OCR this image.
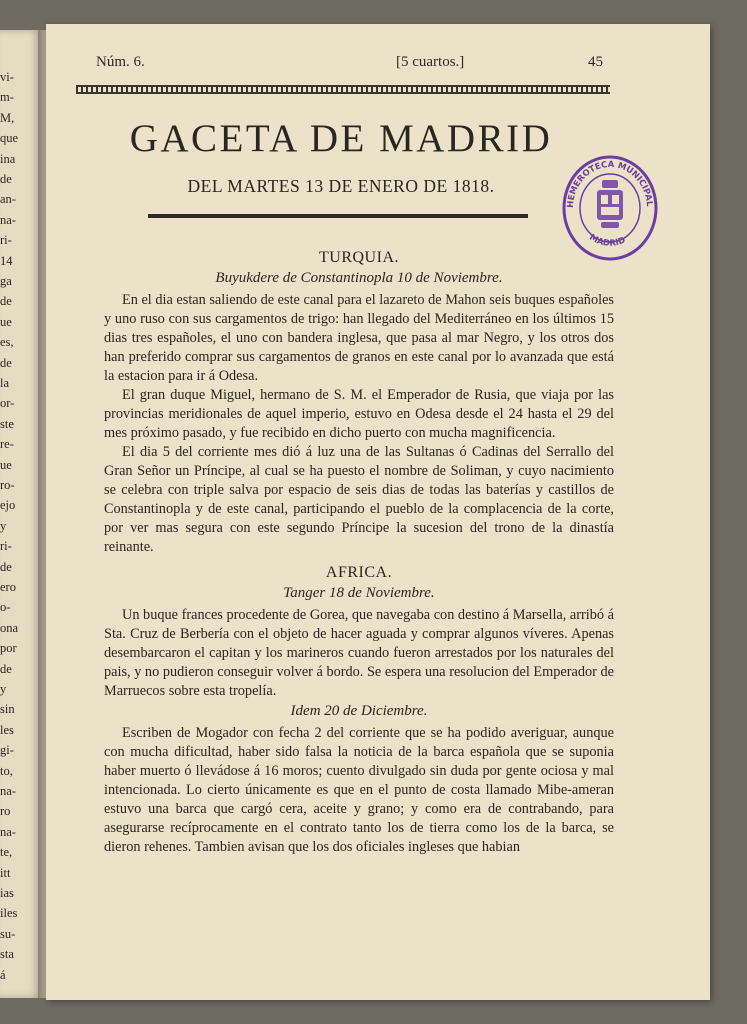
vi-
m-
M,
que
ina
de
an-
na-
ri-
14
ga
de
ue
es,
de
la
or-
ste
re-
ue
ro-
ejo
y
ri-
de
ero
o-
ona
por
de
y
sin
les
gi-
to,
na-
ro
na-
te,
itt
ias
iles
su-
sta
á
Núm. 6.	[5 cuartos.]	45
GACETA DE MADRID
DEL MARTES 13 DE ENERO DE 1818.
HEMEROTECA MUNICIPAL
MADRID
TURQUIA.
Buyukdere de Constantinopla 10 de Noviembre.

En el dia estan saliendo de este canal para el lazareto de Mahon seis buques españoles y uno ruso con sus cargamentos de trigo: han llegado del Mediterráneo en los últimos 15 dias tres españoles, el uno con bandera inglesa, que pasa al mar Negro, y los otros dos han preferido comprar sus cargamentos de granos en este canal por lo avanzada que está la estacion para ir á Odesa.

El gran duque Miguel, hermano de S. M. el Emperador de Rusia, que viaja por las provincias meridionales de aquel imperio, estuvo en Odesa desde el 24 hasta el 29 del mes próximo pasado, y fue recibido en dicho puerto con mucha magnificencia.

El dia 5 del corriente mes dió á luz una de las Sultanas ó Cadinas del Serrallo del Gran Señor un Príncipe, al cual se ha puesto el nombre de Soliman, y cuyo nacimiento se celebra con triple salva por espacio de seis dias de todas las baterías y castillos de Constantinopla y de este canal, participando el pueblo de la complacencia de la corte, por ver mas segura con este segundo Príncipe la sucesion del trono de la dinastía reinante.

AFRICA.
Tanger 18 de Noviembre.

Un buque frances procedente de Gorea, que navegaba con destino á Marsella, arribó á Sta. Cruz de Berbería con el objeto de hacer aguada y comprar algunos víveres. Apenas desembarcaron el capitan y los marineros cuando fueron arrestados por los naturales del pais, y no pudieron conseguir volver á bordo. Se espera una resolucion del Emperador de Marruecos sobre esta tropelía.

Idem 20 de Diciembre.

Escriben de Mogador con fecha 2 del corriente que se ha podido averiguar, aunque con mucha dificultad, haber sido falsa la noticia de la barca española que se suponia haber muerto ó llevádose á 16 moros; cuento divulgado sin duda por gente ociosa y mal intencionada. Lo cierto únicamente es que en el punto de costa llamado Mibe-ameran estuvo una barca que cargó cera, aceite y grano; y como era de contrabando, para asegurarse recíprocamente en el contrato tanto los de tierra como los de la barca, se dieron rehenes. Tambien avisan que los dos oficiales ingleses que habian
